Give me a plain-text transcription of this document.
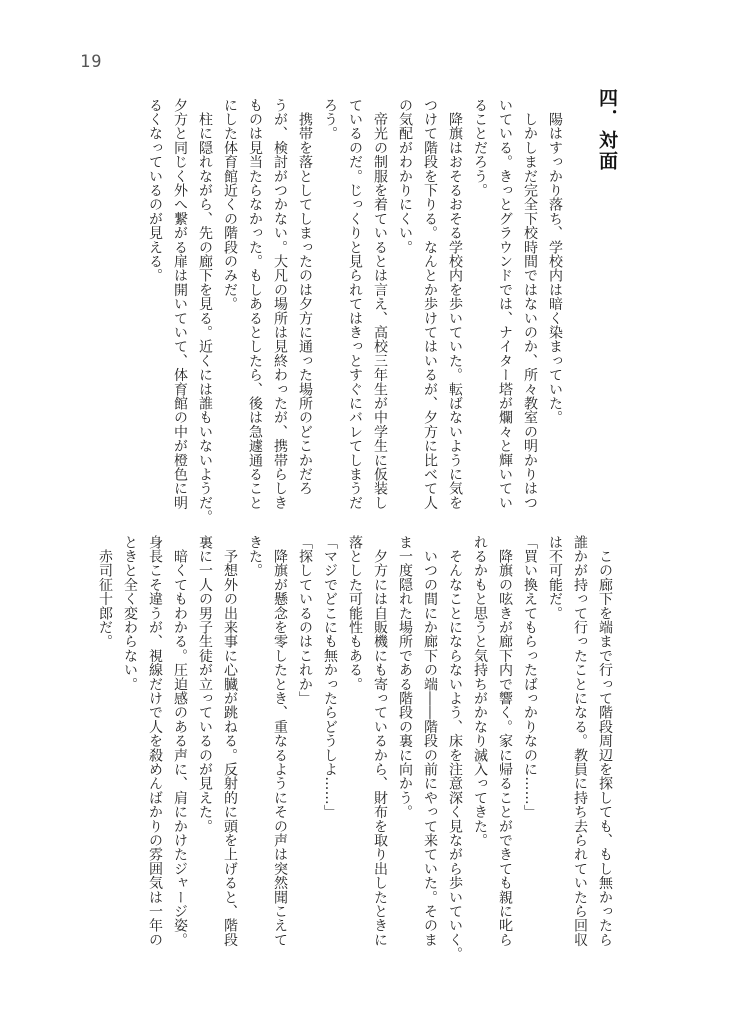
19
四．対面
　陽はすっかり落ち、学校内は暗く染まっていた。
　しかしまだ完全下校時間ではないのか、所々教室の明かりはつ
いている。きっとグラウンドでは、ナイター塔が爛々と輝いてい
ることだろう。
　降旗はおそるおそる学校内を歩いていた。転ばないように気を
つけて階段を下りる。なんとか歩けてはいるが、夕方に比べて人
の気配がわかりにくい。
　帝光の制服を着ているとは言え、高校三年生が中学生に仮装し
ているのだ。じっくりと見られてはきっとすぐにバレてしまうだ
ろう。
　携帯を落としてしまったのは夕方に通った場所のどこかだろ
うが、検討がつかない。大凡の場所は見終わったが、携帯らしき
ものは見当たらなかった。もしあるとしたら、後は急遽通ること
にした体育館近くの階段のみだ。
　柱に隠れながら、先の廊下を見る。近くには誰もいないようだ。
夕方と同じく外へ繋がる扉は開いていて、体育館の中が橙色に明
るくなっているのが見える。
　この廊下を端まで行って階段周辺を探しても、もし無かったら
誰かが持って行ったことになる。教員に持ち去られていたら回収
は不可能だ。
「買い換えてもらったばっかりなのに……」
　降旗の呟きが廊下内で響く。家に帰ることができても親に叱ら
れるかもと思うと気持ちがかなり滅入ってきた。
　そんなことにならないよう、床を注意深く見ながら歩いていく。
　いつの間にか廊下の端――階段の前にやって来ていた。そのま
ま一度隠れた場所である階段の裏に向かう。
　夕方には自販機にも寄っているから、財布を取り出したときに
落とした可能性もある。
「マジでどこにも無かったらどうしよ……」
「探しているのはこれか」
　降旗が懸念を零したとき、重なるようにその声は突然聞こえて
きた。
　予想外の出来事に心臓が跳ねる。反射的に頭を上げると、階段
裏に一人の男子生徒が立っているのが見えた。
　暗くてもわかる。圧迫感のある声に、肩にかけたジャージ姿。
身長こそ違うが、視線だけで人を殺めんばかりの雰囲気は一年の
ときと全く変わらない。
　赤司征十郎だ。
